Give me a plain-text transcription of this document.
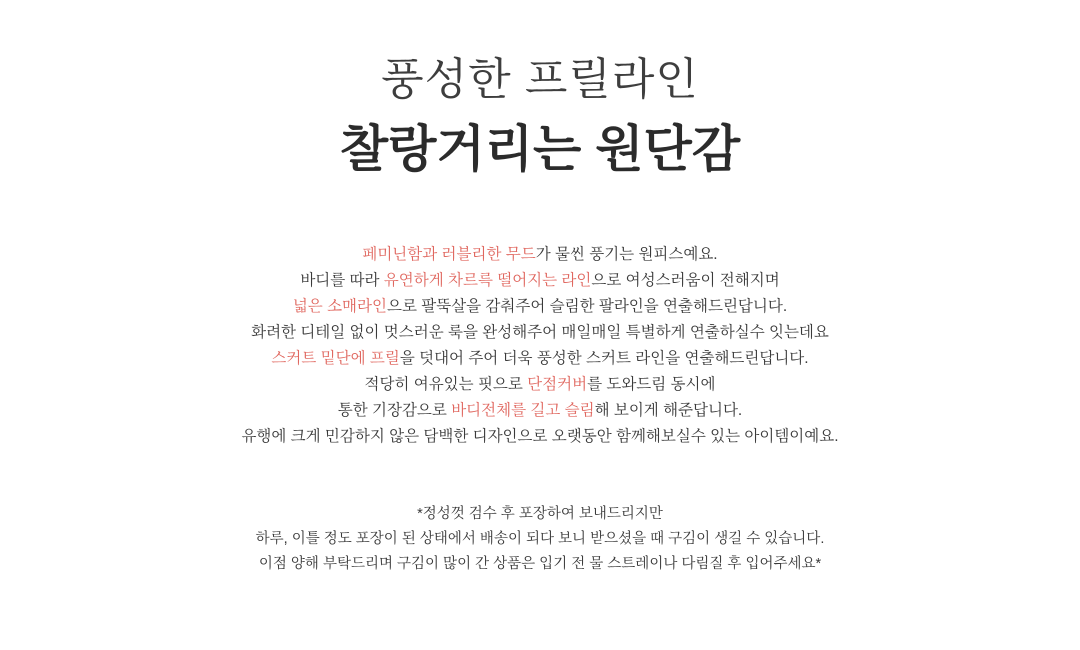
풍성한 프릴라인
찰랑거리는 원단감

페미닌함과 러블리한 무드가 물씬 풍기는 원피스예요.

바디를 따라 유연하게 차르륵 떨어지는 라인으로 여성스러움이 전해지며

넓은 소매라인으로 팔뚝살을 감춰주어 슬림한 팔라인을 연출해드린답니다.

화려한 디테일 없이 멋스러운 룩을 완성해주어 매일매일 특별하게 연출하실수 잇는데요

스커트 밑단에 프릴을 덧대어 주어 더욱 풍성한 스커트 라인을 연출해드린답니다.

적당히 여유있는 핏으로 단점커버를 도와드림 동시에

통한 기장감으로 바디전체를 길고 슬림해 보이게 해준답니다.

유행에 크게 민감하지 않은 담백한 디자인으로 오랫동안 함께해보실수 있는 아이템이예요.

*정성껏 검수 후 포장하여 보내드리지만

하루, 이틀 정도 포장이 된 상태에서 배송이 되다 보니 받으셨을 때 구김이 생길 수 있습니다.

이점 양해 부탁드리며 구김이 많이 간 상품은 입기 전 물 스트레이나 다림질 후 입어주세요*
